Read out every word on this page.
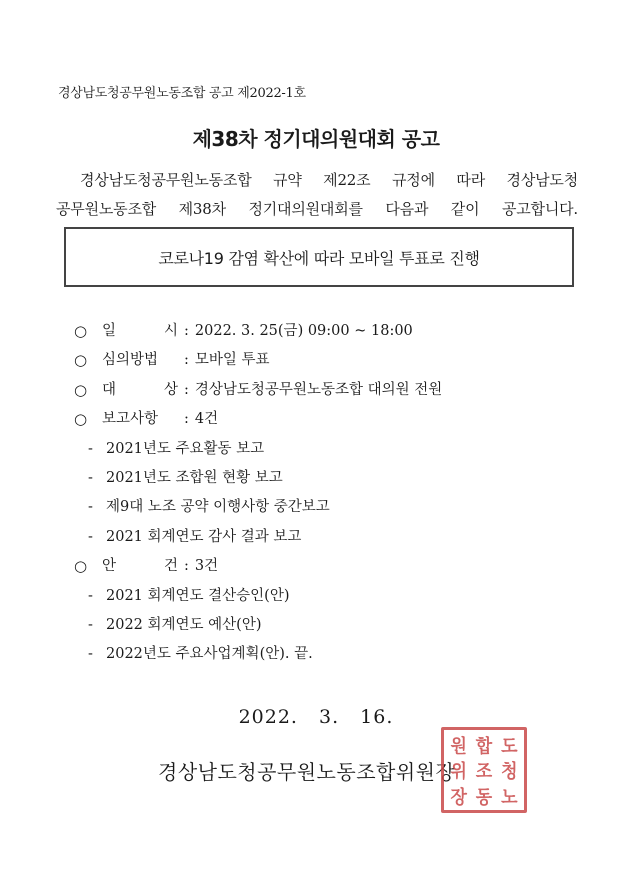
경상남도청공무원노동조합 공고 제2022-1호
제38차 정기대의원대회 공고
경상남도청공무원노동조합 규약 제22조 규정에 따라 경상남도청
공무원노동조합 제38차 정기대의원대회를 다음과 같이 공고합니다.
코로나19 감염 확산에 따라 모바일 투표로 진행
○	일	시 : 2022. 3. 25(금) 09:00 ~ 18:00
○	심의방법	: 모바일 투표
○	대	상 : 경상남도청공무원노동조합 대의원 전원
○	보고사항	: 4건
- 2021년도 주요활동 보고
- 2021년도 조합원 현황 보고
- 제9대 노조 공약 이행사항 중간보고
- 2021 회계연도 감사 결과 보고
○	안	건 : 3건
- 2021 회계연도 결산승인(안)
- 2022 회계연도 예산(안)
- 2022년도 주요사업계획(안). 끝.
2022. 3. 16.
경상남도청공무원노동조합위원장
원 합 도
위 조 청
장 동 노
